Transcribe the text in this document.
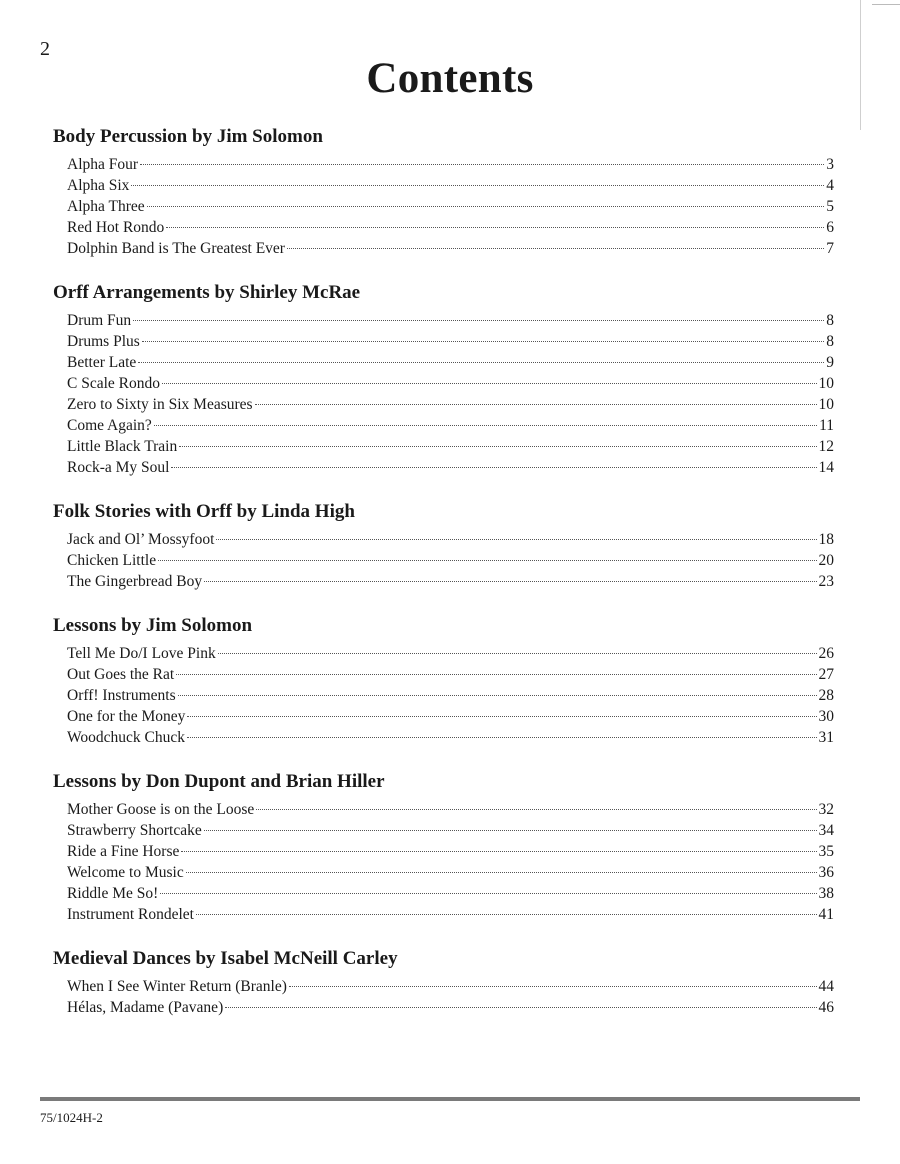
2
Contents
Body Percussion by Jim Solomon
Alpha Four	3
Alpha Six	4
Alpha Three	5
Red Hot Rondo	6
Dolphin Band is The Greatest Ever	7
Orff Arrangements by Shirley McRae
Drum Fun	8
Drums Plus	8
Better Late	9
C Scale Rondo	10
Zero to Sixty in Six Measures	10
Come Again?	11
Little Black Train	12
Rock-a My Soul	14
Folk Stories with Orff by Linda High
Jack and Ol’ Mossyfoot	18
Chicken Little	20
The Gingerbread Boy	23
Lessons by Jim Solomon
Tell Me Do/I Love Pink	26
Out Goes the Rat	27
Orff! Instruments	28
One for the Money	30
Woodchuck Chuck	31
Lessons by Don Dupont and Brian Hiller
Mother Goose is on the Loose	32
Strawberry Shortcake	34
Ride a Fine Horse	35
Welcome to Music	36
Riddle Me So!	38
Instrument Rondelet	41
Medieval Dances by Isabel McNeill Carley
When I See Winter Return (Branle)	44
Hélas, Madame (Pavane)	46
75/1024H-2
